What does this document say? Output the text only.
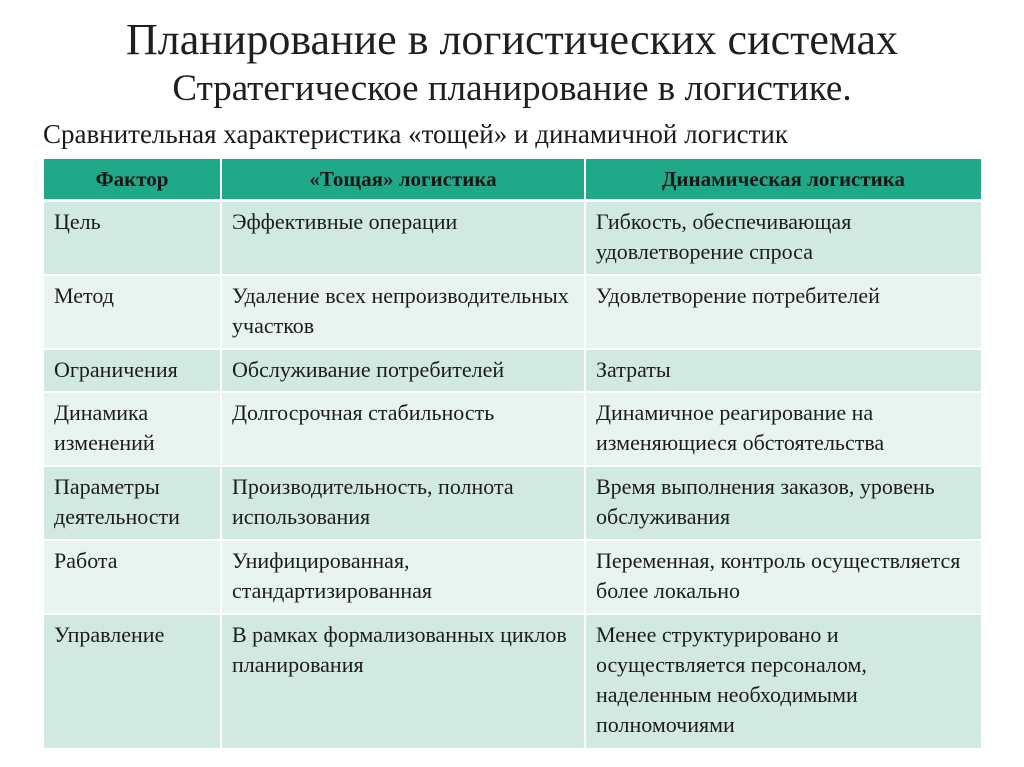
Планирование в логистических системах
Стратегическое планирование в логистике.
Сравнительная характеристика «тощей» и динамичной логистик
Фактор	«Тощая» логистика	Динамическая логистика
Цель	Эффективные операции	Гибкость, обеспечивающая удовлетворение спроса
Метод	Удаление всех непроизводительных участков	Удовлетворение потребителей
Ограничения	Обслуживание потребителей	Затраты
Динамика изменений	Долгосрочная стабильность	Динамичное реагирование на изменяющиеся обстоятельства
Параметры деятельности	Производительность, полнота использования	Время выполнения заказов, уровень обслуживания
Работа	Унифицированная, стандартизированная	Переменная, контроль осуществляется более локально
Управление	В рамках формализованных циклов планирования	Менее структурировано и осуществляется персоналом, наделенным необходимыми полномочиями
